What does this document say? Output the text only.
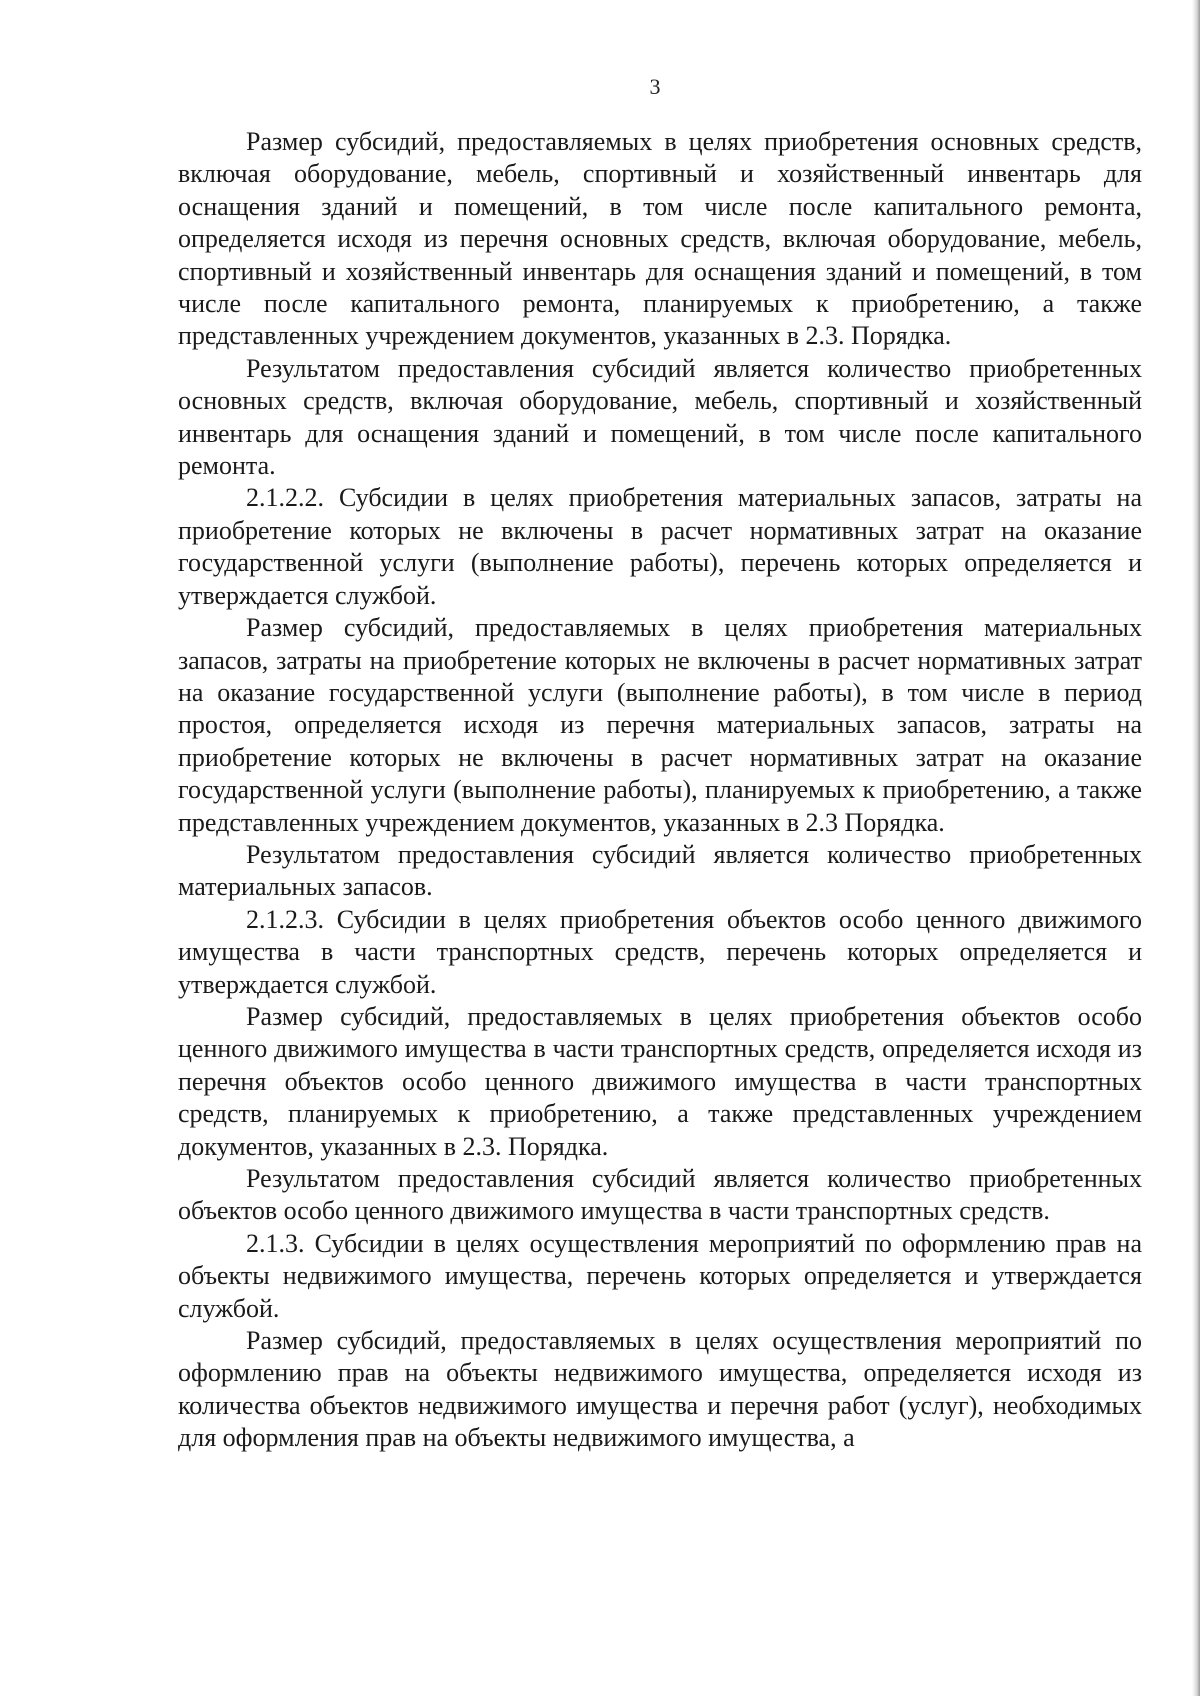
3

Размер субсидий, предоставляемых в целях приобретения основных средств, включая оборудование, мебель, спортивный и хозяйственный инвентарь для оснащения зданий и помещений, в том числе после капитального ремонта, определяется исходя из перечня основных средств, включая оборудование, мебель, спортивный и хозяйственный инвентарь для оснащения зданий и помещений, в том числе после капитального ремонта, планируемых к приобретению, а также представленных учреждением документов, указанных в 2.3. Порядка.

Результатом предоставления субсидий является количество приобретенных основных средств, включая оборудование, мебель, спортивный и хозяйственный инвентарь для оснащения зданий и помещений, в том числе после капитального ремонта.

2.1.2.2. Субсидии в целях приобретения материальных запасов, затраты на приобретение которых не включены в расчет нормативных затрат на оказание государственной услуги (выполнение работы), перечень которых определяется и утверждается службой.

Размер субсидий, предоставляемых в целях приобретения материальных запасов, затраты на приобретение которых не включены в расчет нормативных затрат на оказание государственной услуги (выполнение работы), в том числе в период простоя, определяется исходя из перечня материальных запасов, затраты на приобретение которых не включены в расчет нормативных затрат на оказание государственной услуги (выполнение работы), планируемых к приобретению, а также представленных учреждением документов, указанных в 2.3 Порядка.

Результатом предоставления субсидий является количество приобретенных материальных запасов.

2.1.2.3. Субсидии в целях приобретения объектов особо ценного движимого имущества в части транспортных средств, перечень которых определяется и утверждается службой.

Размер субсидий, предоставляемых в целях приобретения объектов особо ценного движимого имущества в части транспортных средств, определяется исходя из перечня объектов особо ценного движимого имущества в части транспортных средств, планируемых к приобретению, а также представленных учреждением документов, указанных в 2.3. Порядка.

Результатом предоставления субсидий является количество приобретенных объектов особо ценного движимого имущества в части транспортных средств.

2.1.3. Субсидии в целях осуществления мероприятий по оформлению прав на объекты недвижимого имущества, перечень которых определяется и утверждается службой.

Размер субсидий, предоставляемых в целях осуществления мероприятий по оформлению прав на объекты недвижимого имущества, определяется исходя из количества объектов недвижимого имущества и перечня работ (услуг), необходимых для оформления прав на объекты недвижимого имущества, а
